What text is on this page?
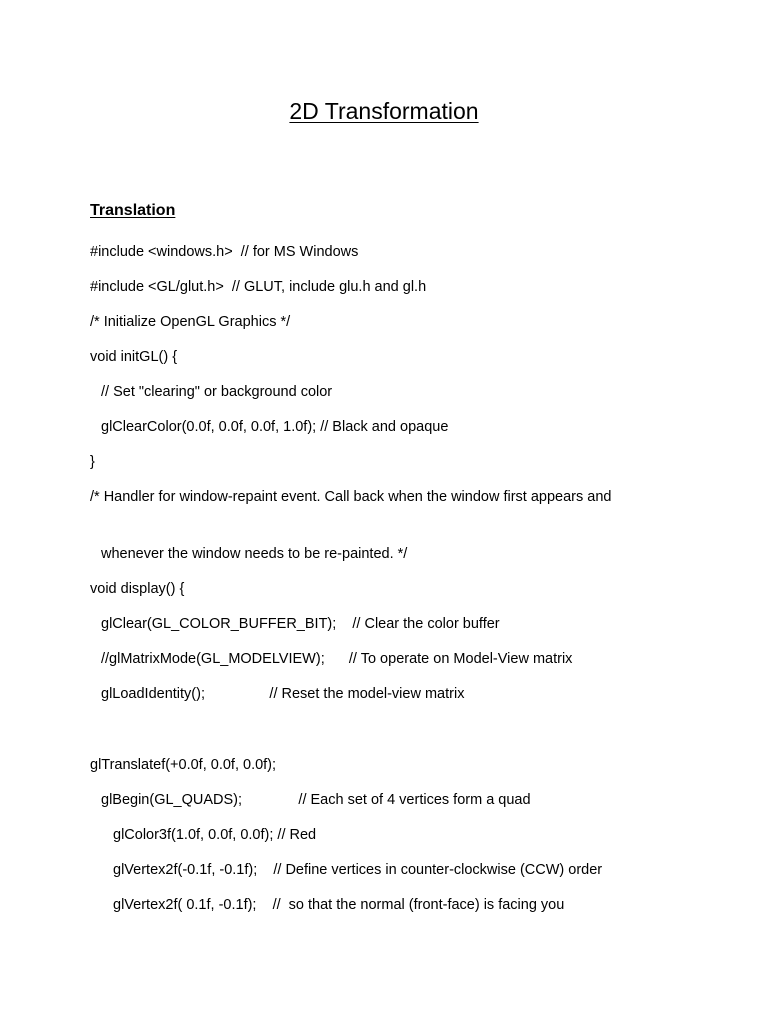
2D Transformation
Translation
#include <windows.h>  // for MS Windows
#include <GL/glut.h>  // GLUT, include glu.h and gl.h
/* Initialize OpenGL Graphics */
void initGL() {
// Set "clearing" or background color
glClearColor(0.0f, 0.0f, 0.0f, 1.0f); // Black and opaque
}
/* Handler for window-repaint event. Call back when the window first appears and
whenever the window needs to be re-painted. */
void display() {
glClear(GL_COLOR_BUFFER_BIT);    // Clear the color buffer
//glMatrixMode(GL_MODELVIEW);      // To operate on Model-View matrix
glLoadIdentity();                // Reset the model-view matrix
glTranslatef(+0.0f, 0.0f, 0.0f);
glBegin(GL_QUADS);              // Each set of 4 vertices form a quad
glColor3f(1.0f, 0.0f, 0.0f); // Red
glVertex2f(-0.1f, -0.1f);    // Define vertices in counter-clockwise (CCW) order
glVertex2f( 0.1f, -0.1f);    //  so that the normal (front-face) is facing you
